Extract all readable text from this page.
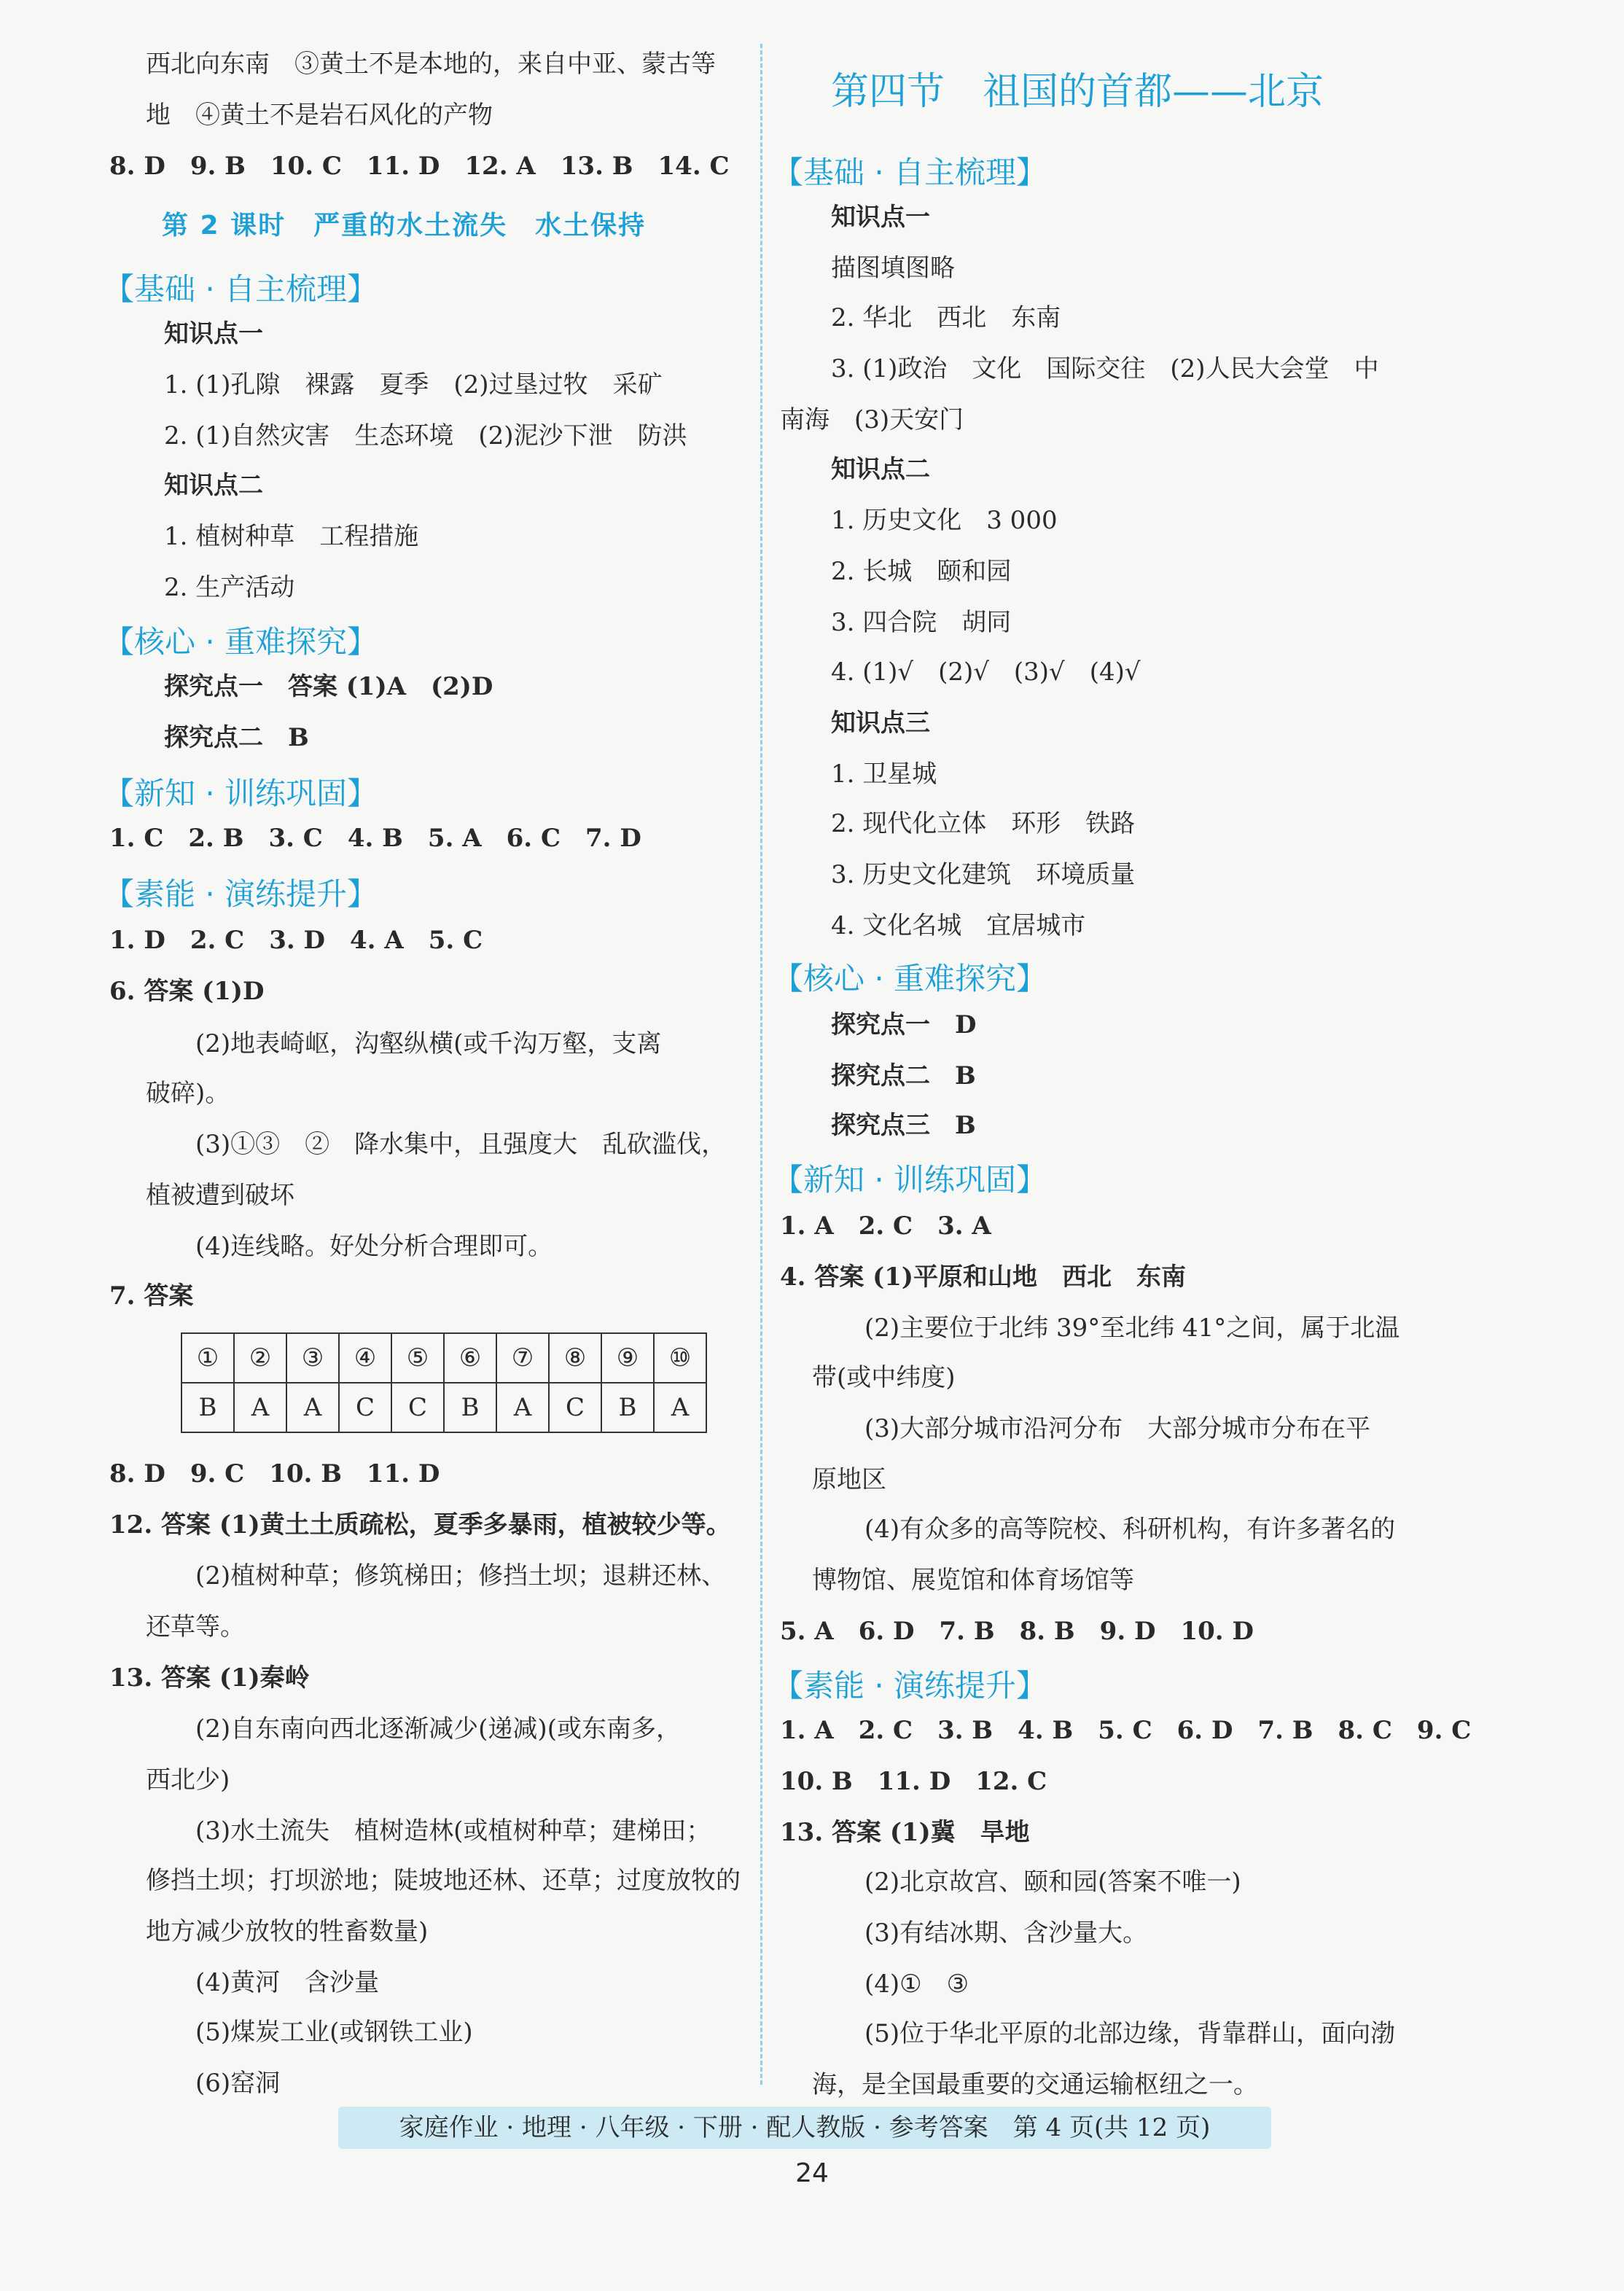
西北向东南　③黄土不是本地的，来自中亚、蒙古等
地　④黄土不是岩石风化的产物
8. D　9. B　10. C　11. D　12. A　13. B　14. C
第 2 课时　严重的水土流失　水土保持
【基础 · 自主梳理】
知识点一
1. (1)孔隙　裸露　夏季　(2)过垦过牧　采矿
2. (1)自然灾害　生态环境　(2)泥沙下泄　防洪
知识点二
1. 植树种草　工程措施
2. 生产活动
【核心 · 重难探究】
探究点一　答案 (1)A　(2)D
探究点二　B
【新知 · 训练巩固】
1. C　2. B　3. C　4. B　5. A　6. C　7. D
【素能 · 演练提升】
1. D　2. C　3. D　4. A　5. C
6. 答案 (1)D
(2)地表崎岖，沟壑纵横(或千沟万壑，支离
破碎)。
(3)①③　②　降水集中，且强度大　乱砍滥伐，
植被遭到破坏
(4)连线略。好处分析合理即可。
7. 答案
①	②	③	④	⑤	⑥	⑦	⑧	⑨	⑩
B	A	A	C	C	B	A	C	B	A
8. D　9. C　10. B　11. D
12. 答案 (1)黄土土质疏松，夏季多暴雨，植被较少等。
(2)植树种草；修筑梯田；修挡土坝；退耕还林、
还草等。
13. 答案 (1)秦岭
(2)自东南向西北逐渐减少(递减)(或东南多，
西北少)
(3)水土流失　植树造林(或植树种草；建梯田；
修挡土坝；打坝淤地；陡坡地还林、还草；过度放牧的
地方减少放牧的牲畜数量)
(4)黄河　含沙量
(5)煤炭工业(或钢铁工业)
(6)窑洞
第四节　祖国的首都——北京
【基础 · 自主梳理】
知识点一
描图填图略
2. 华北　西北　东南
3. (1)政治　文化　国际交往　(2)人民大会堂　中
南海　(3)天安门
知识点二
1. 历史文化　3 000
2. 长城　颐和园
3. 四合院　胡同
4. (1)√　(2)√　(3)√　(4)√
知识点三
1. 卫星城
2. 现代化立体　环形　铁路
3. 历史文化建筑　环境质量
4. 文化名城　宜居城市
【核心 · 重难探究】
探究点一　D
探究点二　B
探究点三　B
【新知 · 训练巩固】
1. A　2. C　3. A
4. 答案 (1)平原和山地　西北　东南
(2)主要位于北纬 39°至北纬 41°之间，属于北温
带(或中纬度)
(3)大部分城市沿河分布　大部分城市分布在平
原地区
(4)有众多的高等院校、科研机构，有许多著名的
博物馆、展览馆和体育场馆等
5. A　6. D　7. B　8. B　9. D　10. D
【素能 · 演练提升】
1. A　2. C　3. B　4. B　5. C　6. D　7. B　8. C　9. C
10. B　11. D　12. C
13. 答案 (1)冀　旱地
(2)北京故宫、颐和园(答案不唯一)
(3)有结冰期、含沙量大。
(4)①　③
(5)位于华北平原的北部边缘，背靠群山，面向渤
海，是全国最重要的交通运输枢纽之一。
家庭作业 · 地理 · 八年级 · 下册 · 配人教版 · 参考答案　第 4 页(共 12 页)
24
